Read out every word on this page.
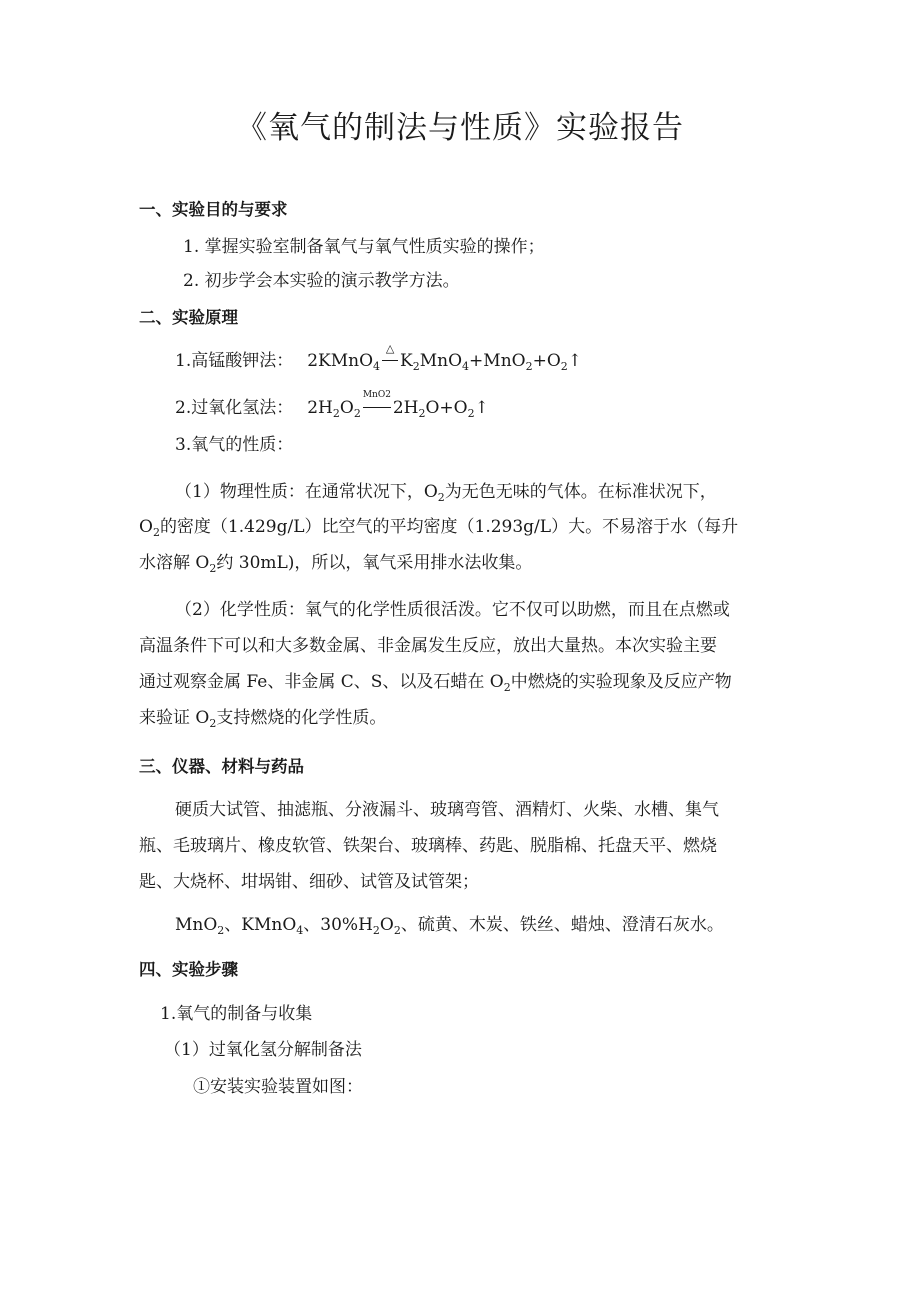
《氧气的制法与性质》实验报告
一、实验目的与要求
1. 掌握实验室制备氧气与氧气性质实验的操作；
2. 初步学会本实验的演示教学方法。
二、实验原理
1.高锰酸钾法： 2KMnO$_4$
△
$K_2MnO_4+MnO_2+O_2↑$
2.过氧化氢法： $2H_2O_2$
MnO2
$2H_2O+O_2↑$
3.氧气的性质：
（1）物理性质：在通常状况下，$O_2$为无色无味的气体。在标准状况下，
$O_2$的密度（1.429g/L）比空气的平均密度（1.293g/L）大。不易溶于水（每升
水溶解 $O_2$约 30mL)，所以，氧气采用排水法收集。
（2）化学性质：氧气的化学性质很活泼。它不仅可以助燃，而且在点燃或
高温条件下可以和大多数金属、非金属发生反应，放出大量热。本次实验主要
通过观察金属 Fe、非金属 C、S、以及石蜡在 $O_2$中燃烧的实验现象及反应产物
来验证 $O_2$支持燃烧的化学性质。
三、仪器、材料与药品
硬质大试管、抽滤瓶、分液漏斗、玻璃弯管、酒精灯、火柴、水槽、集气
瓶、毛玻璃片、橡皮软管、铁架台、玻璃棒、药匙、脱脂棉、托盘天平、燃烧
匙、大烧杯、坩埚钳、细砂、试管及试管架；
MnO$_2$、KMnO$_4$、$30\%H_2O_2$、硫黄、木炭、铁丝、蜡烛、澄清石灰水。
四、实验步骤
1.氧气的制备与收集
（1）过氧化氢分解制备法
①安装实验装置如图：
